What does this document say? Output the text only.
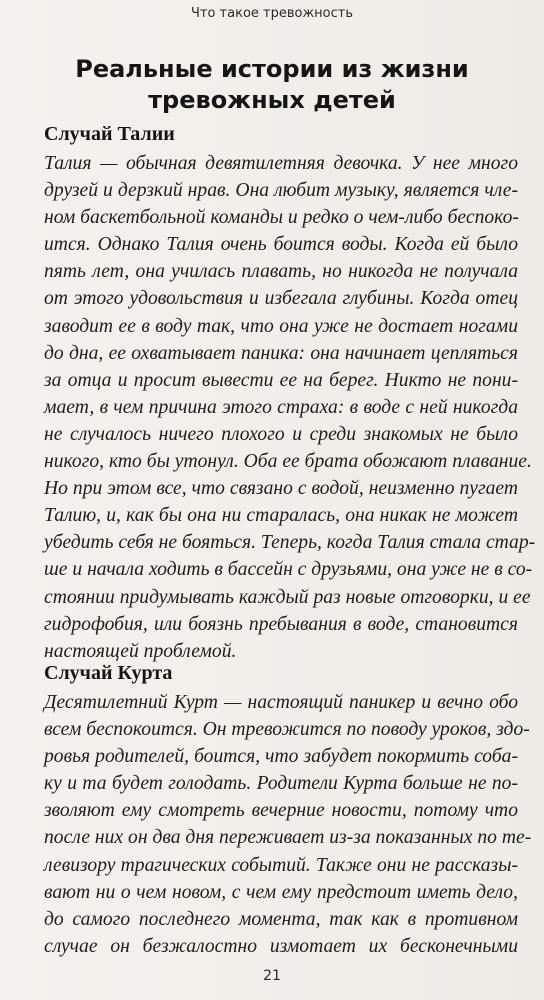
Что такое тревожность
Реальные истории из жизни
тревожных детей
Случай Талии
Талия — обычная девятилетняя девочка. У нее много
друзей и дерзкий нрав. Она любит музыку, является чле-
ном баскетбольной команды и редко о чем-либо беспоко-
ится. Однако Талия очень боится воды. Когда ей было
пять лет, она училась плавать, но никогда не получала
от этого удовольствия и избегала глубины. Когда отец
заводит ее в воду так, что она уже не достает ногами
до дна, ее охватывает паника: она начинает цепляться
за отца и просит вывести ее на берег. Никто не пони-
мает, в чем причина этого страха: в воде с ней никогда
не случалось ничего плохого и среди знакомых не было
никого, кто бы утонул. Оба ее брата обожают плавание.
Но при этом все, что связано с водой, неизменно пугает
Талию, и, как бы она ни старалась, она никак не может
убедить себя не бояться. Теперь, когда Талия стала стар-
ше и начала ходить в бассейн с друзьями, она уже не в со-
стоянии придумывать каждый раз новые отговорки, и ее
гидрофобия, или боязнь пребывания в воде, становится
настоящей проблемой.
Случай Курта
Десятилетний Курт — настоящий паникер и вечно обо
всем беспокоится. Он тревожится по поводу уроков, здо-
ровья родителей, боится, что забудет покормить соба-
ку и та будет голодать. Родители Курта больше не по-
зволяют ему смотреть вечерние новости, потому что
после них он два дня переживает из-за показанных по те-
левизору трагических событий. Также они не рассказы-
вают ни о чем новом, с чем ему предстоит иметь дело,
до самого последнего момента, так как в противном
случае он безжалостно измотает их бесконечными
21
